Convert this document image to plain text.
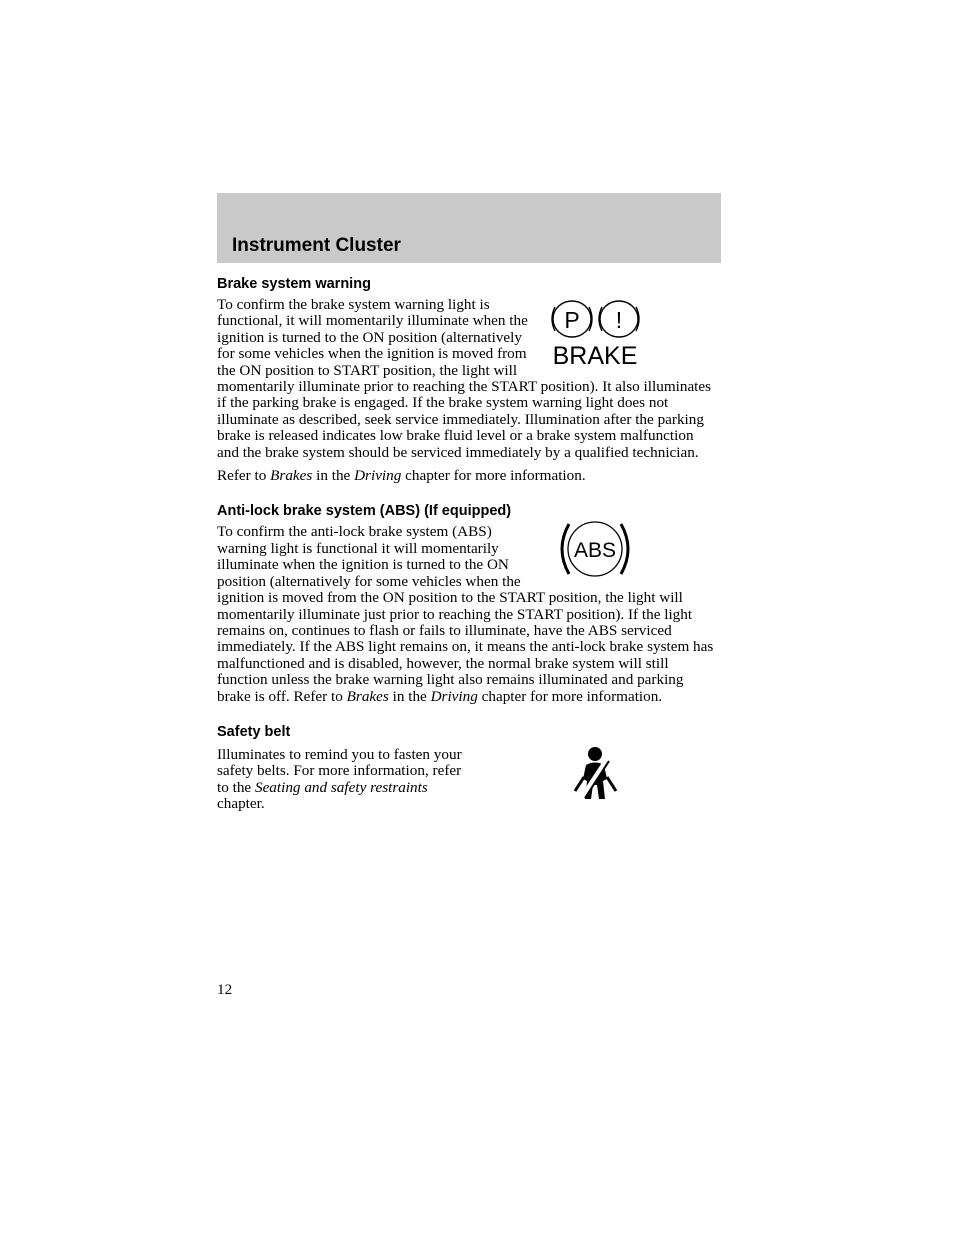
Instrument Cluster
Brake system warning
P !
BRAKE

To confirm the brake system warning light is functional, it will momentarily illuminate when the ignition is turned to the ON position (alternatively for some vehicles when the ignition is moved from the ON position to START position, the light will momentarily illuminate prior to reaching the START position). It also illuminates if the parking brake is engaged. If the brake system warning light does not illuminate as described, seek service immediately. Illumination after the parking brake is released indicates low brake fluid level or a brake system malfunction and the brake system should be serviced immediately by a qualified technician.

Refer to Brakes in the Driving chapter for more information.

Anti-lock brake system (ABS) (If equipped)
ABS

To confirm the anti-lock brake system (ABS) warning light is functional it will momentarily illuminate when the ignition is turned to the ON position (alternatively for some vehicles when the ignition is moved from the ON position to the START position, the light will momentarily illuminate just prior to reaching the START position). If the light remains on, continues to flash or fails to illuminate, have the ABS serviced immediately. If the ABS light remains on, it means the anti-lock brake system has malfunctioned and is disabled, however, the normal brake system will still function unless the brake warning light also remains illuminated and parking brake is off. Refer to Brakes in the Driving chapter for more information.

Safety belt

Illuminates to remind you to fasten your safety belts. For more information, refer to the Seating and safety restraints chapter.

12
